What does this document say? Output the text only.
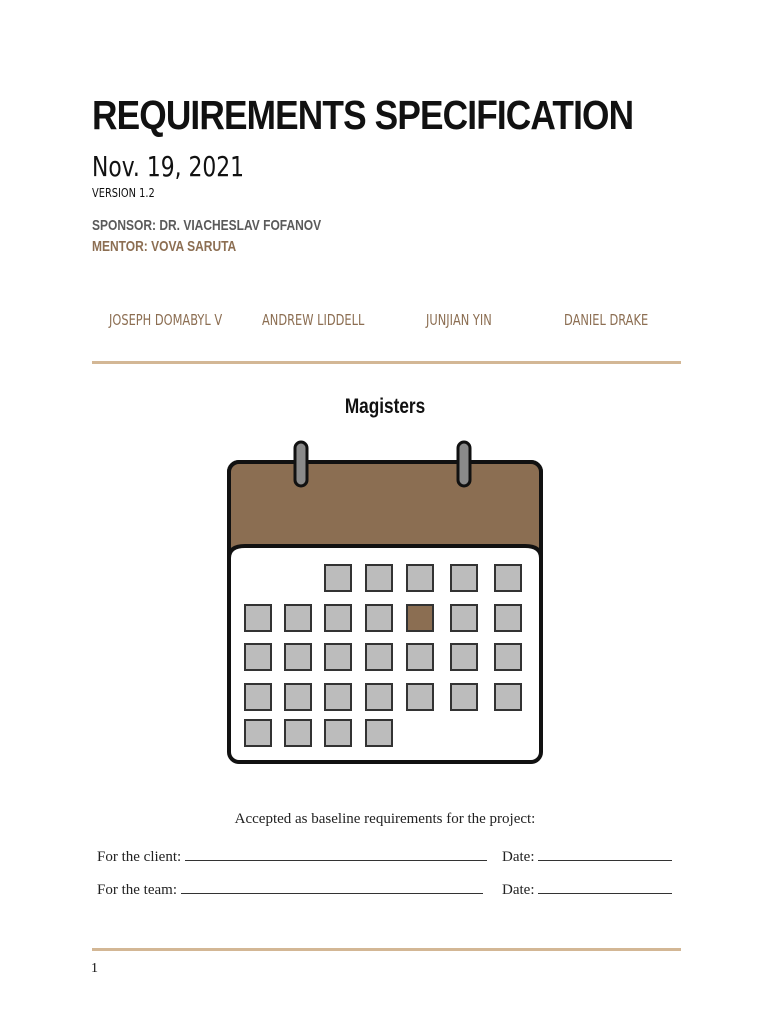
REQUIREMENTS SPECIFICATION
Nov. 19, 2021
VERSION 1.2
SPONSOR: DR. VIACHESLAV FOFANOV
MENTOR: VOVA SARUTA
JOSEPH DOMABYL V	ANDREW LIDDELL	JUNJIAN YIN	DANIEL DRAKE
Magisters
Accepted as baseline requirements for the project:
For the client:	Date:
For the team:	Date:
1
